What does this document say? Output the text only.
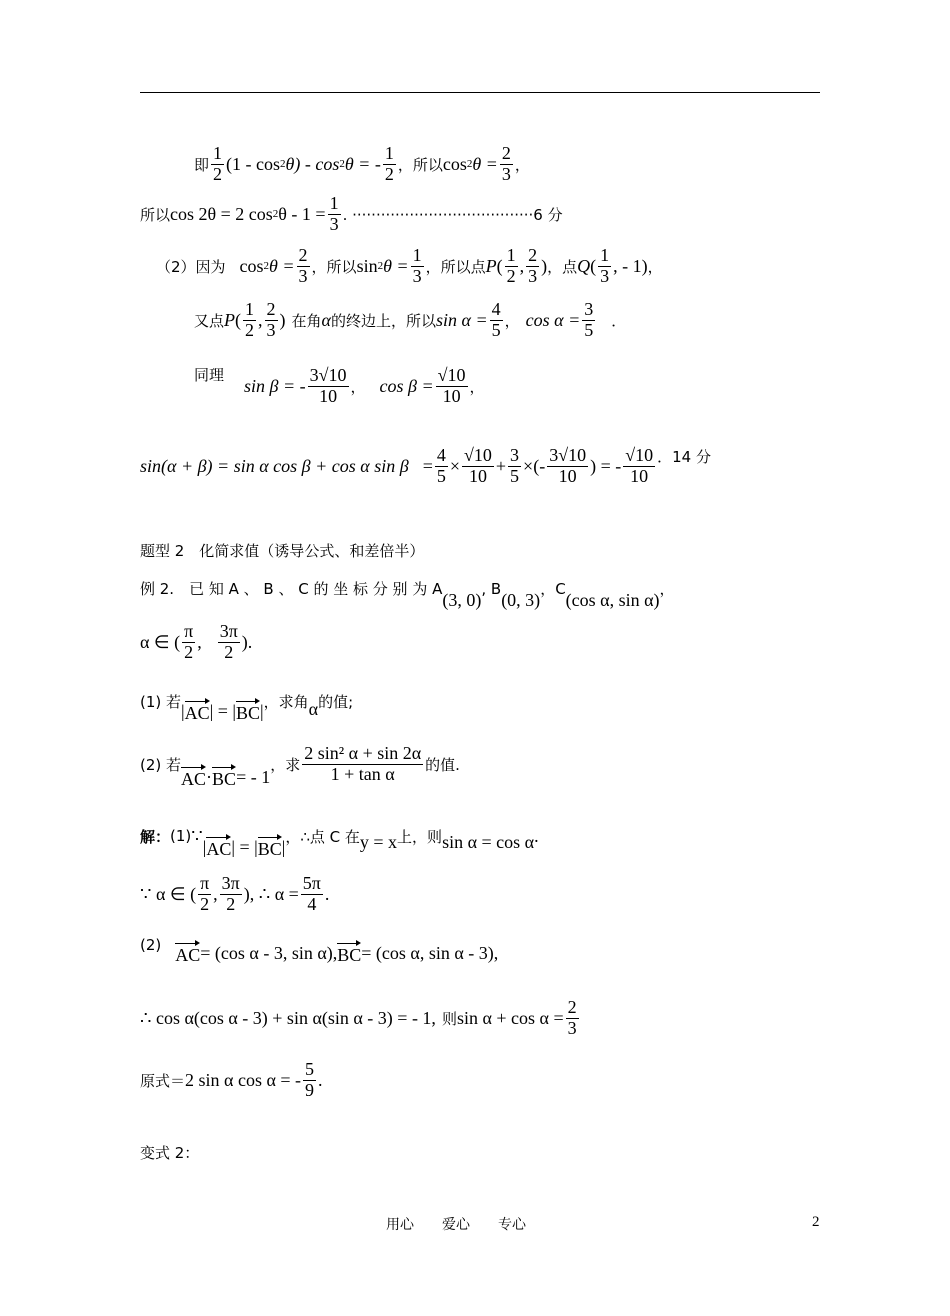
即 $\frac{1}{2} (1$ - cos 2 θ) - cos 2 θ = - $\frac{1}{2}$ ， 所以 cos 2 $\theta = \frac{2}{3}$ ，
所以 cos 2θ = 2 cos 2 $\theta - 1 = \frac{1}{3}$ . ······································6 分
（2）因为 cos 2 $\theta = \frac{2}{3}$ ，所以 sin 2 $\theta = \frac{1}{3}$ ，所以点 P ( $\frac{1}{2}$ , $\frac{2}{3}$ ) ，点 Q ( $\frac{1}{3}$ , - 1) ，
又点 P ( $\frac{1}{2}$ , $\frac{2}{3}$ ) 在角 α 的终边上，所以 $\sin \alpha = \frac{4}{5}$ ， $\cos \alpha = \frac{3}{5}$ ．
同理
sin β = - $\frac{3√10}{10}$ ， $\cos \beta = \frac{√10}{10}$ ，
sin(α + β) = sin α cos β + cos α $\sin \beta = \frac{4}{5} \times \frac{√10}{10} + \frac{3}{5}$ ×(- $\frac{3√10}{10}$ ) = - $\frac{√10}{10}$ ．14 分
题型 2　化简求值（诱导公式、和差倍半）
例 2.　已 知 A 、 B 、 C 的 坐 标 分 别 为 A
(3, 0)
, B
(0, 3)
，C
(cos α, sin α)
，
α ∈ ( $\frac{\pi}{2}$ , $\frac{3\pi}{2}$ ).
(1) 若 | AC | = | BC | ，求角 α 的值;
(2) 若
AC · BC = - 1
，求 $\frac{\text{2 sin² α + sin 2α}}{\text{1 + tan α}}$ 的值.
解： (1) ∵
| AC | = | BC | ，∴点 C 在 y = x 上，则 sin α = cos α .
∵ α ∈ ( $\frac{\pi}{2}$ , $\frac{3\pi}{2}$ ), ∴ $\alpha = \frac{5\pi}{4}$ .
(2) AC = (cos α - 3, sin α), BC = (cos α, sin α - 3),
∴ cos α(cos α - 3) + sin α(sin α - 3) = - 1, 则 $\sin \alpha + \cos \alpha = \frac{2}{3}$
原式＝ 2 sin α cos α = - $\frac{5}{9}$ .
变式 2：
用心　　爱心　　专心	2
